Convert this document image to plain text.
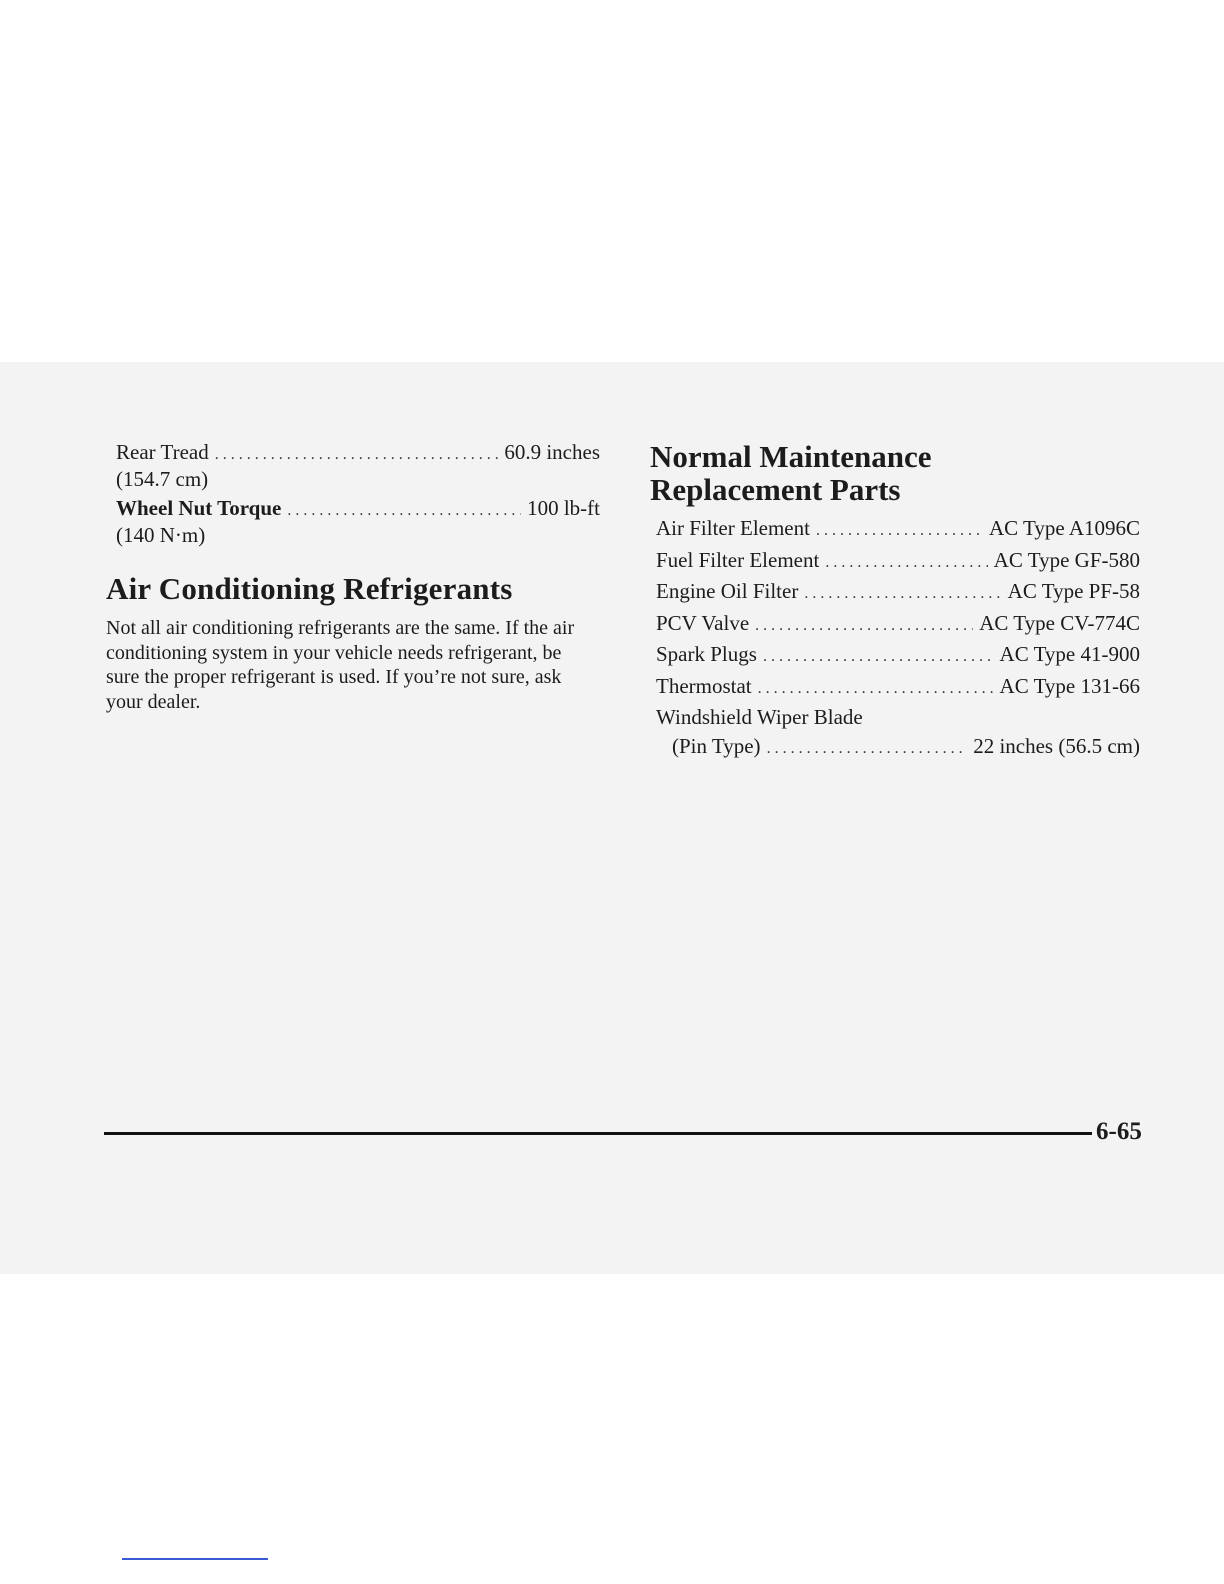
Rear Tread . . .	60.9 inches
(154.7 cm)
Wheel Nut Torque . . .	100 lb-ft
(140 N·m)
Air Conditioning Refrigerants

Not all air conditioning refrigerants are the same. If the air conditioning system in your vehicle needs refrigerant, be sure the proper refrigerant is used. If you’re not sure, ask your dealer.

Normal Maintenance
Replacement Parts
Air Filter Element . . .	AC Type A1096C
Fuel Filter Element . . .	AC Type GF-580
Engine Oil Filter . . .	AC Type PF-58
PCV Valve . . .	AC Type CV-774C
Spark Plugs . . .	AC Type 41-900
Thermostat . . .	AC Type 131-66
Windshield Wiper Blade
(Pin Type) . . .	22 inches (56.5 cm)
6-65
